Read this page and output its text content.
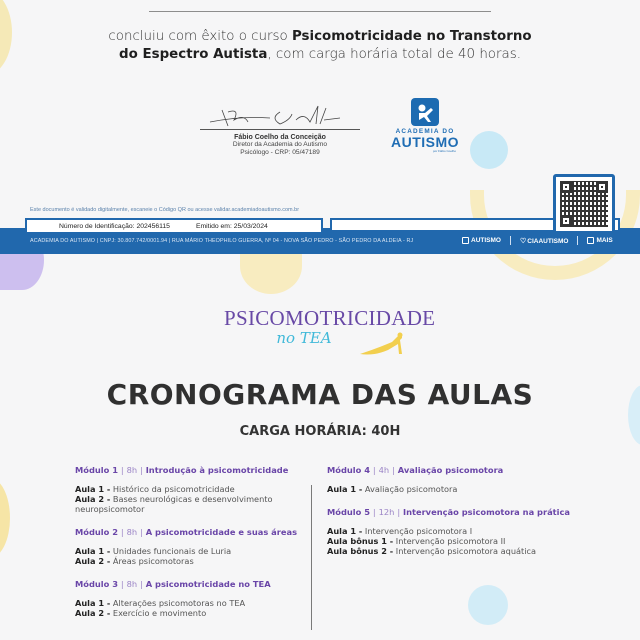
concluiu com êxito o curso Psicomotricidade no Transtorno do Espectro Autista, com carga horária total de 40 horas.
Fábio Coelho da Conceição
Diretor da Academia do Autismo
Psicólogo - CRP: 05/47189
ACADEMIA DO
AUTISMO
por Fábio Coelho
Este documento é validado digitalmente, escaneie o Código QR ou acesse validar.academiadoautismo.com.br
Número de Identificação: 202456115	Emitido em: 25/03/2024
ACADEMIA DO AUTISMO | CNPJ: 30.807.742/0001.94 | RUA MÁRIO THEOPHILO GUERRA, Nº 04 - NOVA SÃO PEDRO - SÃO PEDRO DA ALDEIA - RJ	AUTISMO	♡CIAAUTISMO	MAIS
PSICOMOTRICIDADE
no TEA
CRONOGRAMA DAS AULAS
CARGA HORÁRIA: 40H
Módulo 1 | 8h | Introdução à psicomotricidade
Aula 1 - Histórico da psicomotricidade
Aula 2 - Bases neurológicas e desenvolvimento neuropsicomotor
Módulo 2 | 8h | A psicomotricidade e suas áreas
Aula 1 - Unidades funcionais de Luria
Aula 2 - Áreas psicomotoras
Módulo 3 | 8h | A psicomotricidade no TEA
Aula 1 - Alterações psicomotoras no TEA
Aula 2 - Exercício e movimento
Módulo 4 | 4h | Avaliação psicomotora
Aula 1 - Avaliação psicomotora
Módulo 5 | 12h | Intervenção psicomotora na prática
Aula 1 - Intervenção psicomotora I
Aula bônus 1 - Intervenção psicomotora II
Aula bônus 2 - Intervenção psicomotora aquática
